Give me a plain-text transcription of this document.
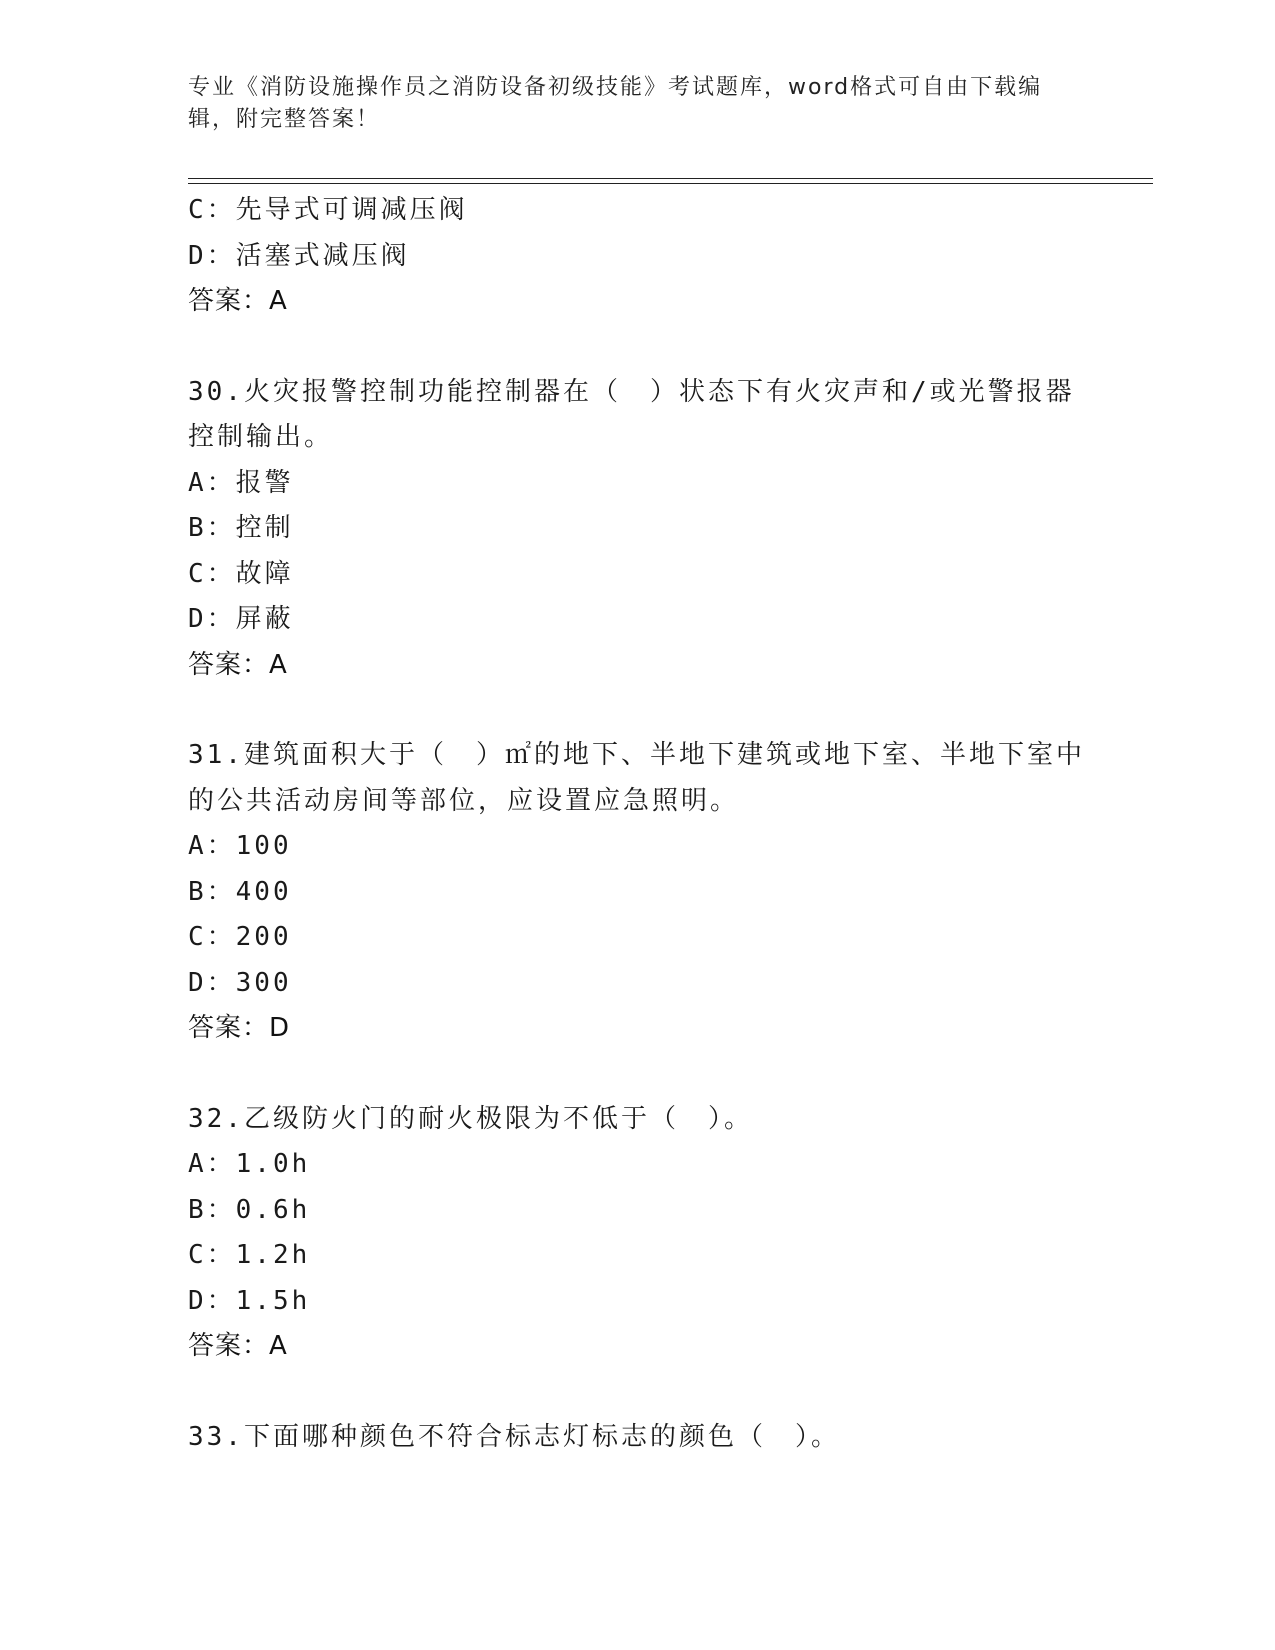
专业《消防设施操作员之消防设备初级技能》考试题库，word格式可自由下载编辑，附完整答案！
C：先导式可调减压阀
D：活塞式减压阀
答案：A
30.火灾报警控制功能控制器在（　）状态下有火灾声和/或光警报器
控制输出。
A：报警
B：控制
C：故障
D：屏蔽
答案：A
31.建筑面积大于（　）㎡的地下、半地下建筑或地下室、半地下室中
的公共活动房间等部位，应设置应急照明。
A：100
B：400
C：200
D：300
答案：D
32.乙级防火门的耐火极限为不低于（　）。
A：1.0h
B：0.6h
C：1.2h
D：1.5h
答案：A
33.下面哪种颜色不符合标志灯标志的颜色（　）。
